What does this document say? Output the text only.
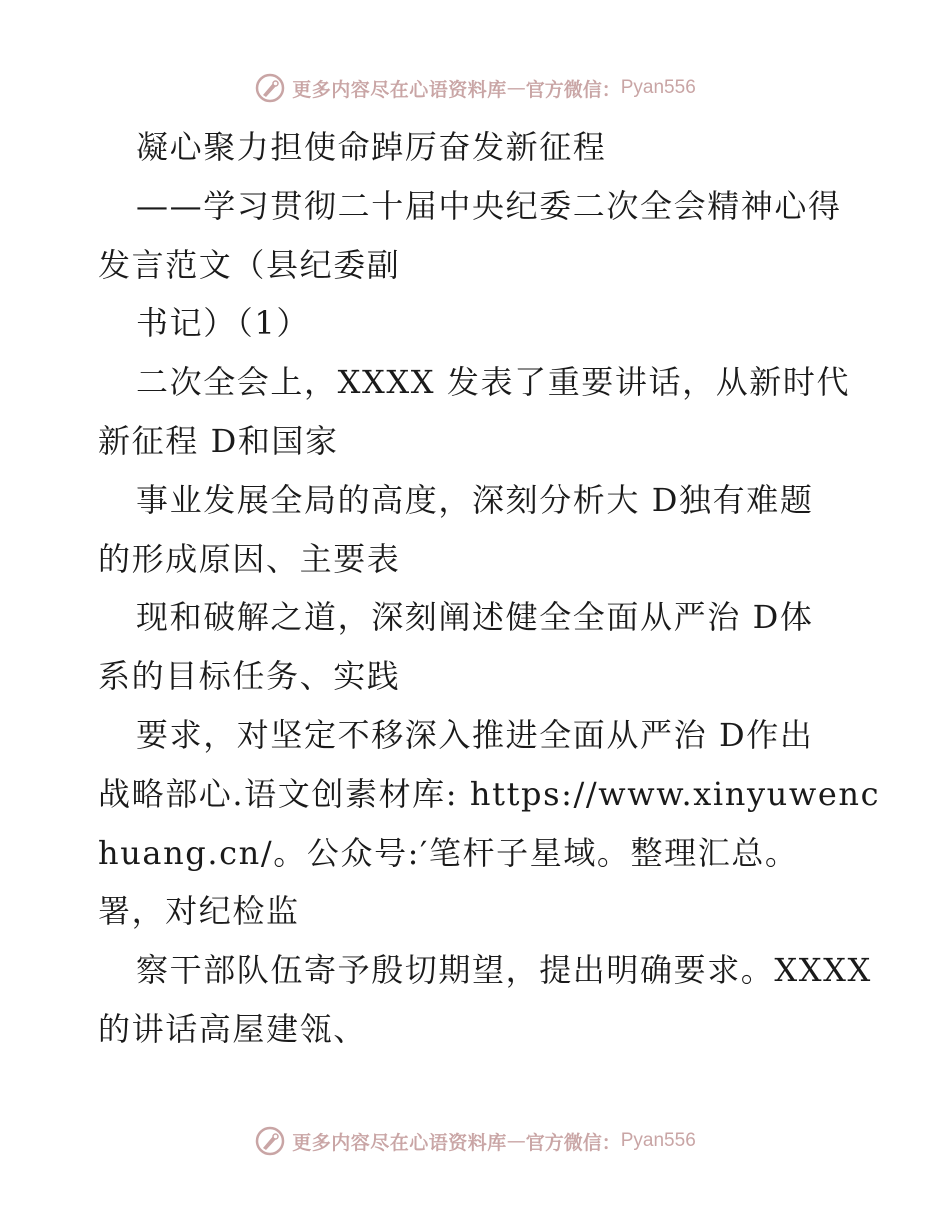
更多内容尽在心语资料库 — 官方微信： Pyan556
凝心聚力担使命踔厉奋发新征程
——学习贯彻二十届中央纪委二次全会精神心得
发言范文（县纪委副
书记）（1）
二次全会上，XXXX 发表了重要讲话，从新时代
新征程 D和国家
事业发展全局的高度，深刻分析大 D独有难题
的形成原因、主要表
现和破解之道，深刻阐述健全全面从严治 D体
系的目标任务、实践
要求，对坚定不移深入推进全面从严治 D作出
战略部心.语文创素材库: https://www.xinyuwenc
huang.cn/。公众号:′笔杆子星域。整理汇总。
署，对纪检监
察干部队伍寄予殷切期望，提出明确要求。XXXX
的讲话高屋建瓴、
更多内容尽在心语资料库 — 官方微信： Pyan556
